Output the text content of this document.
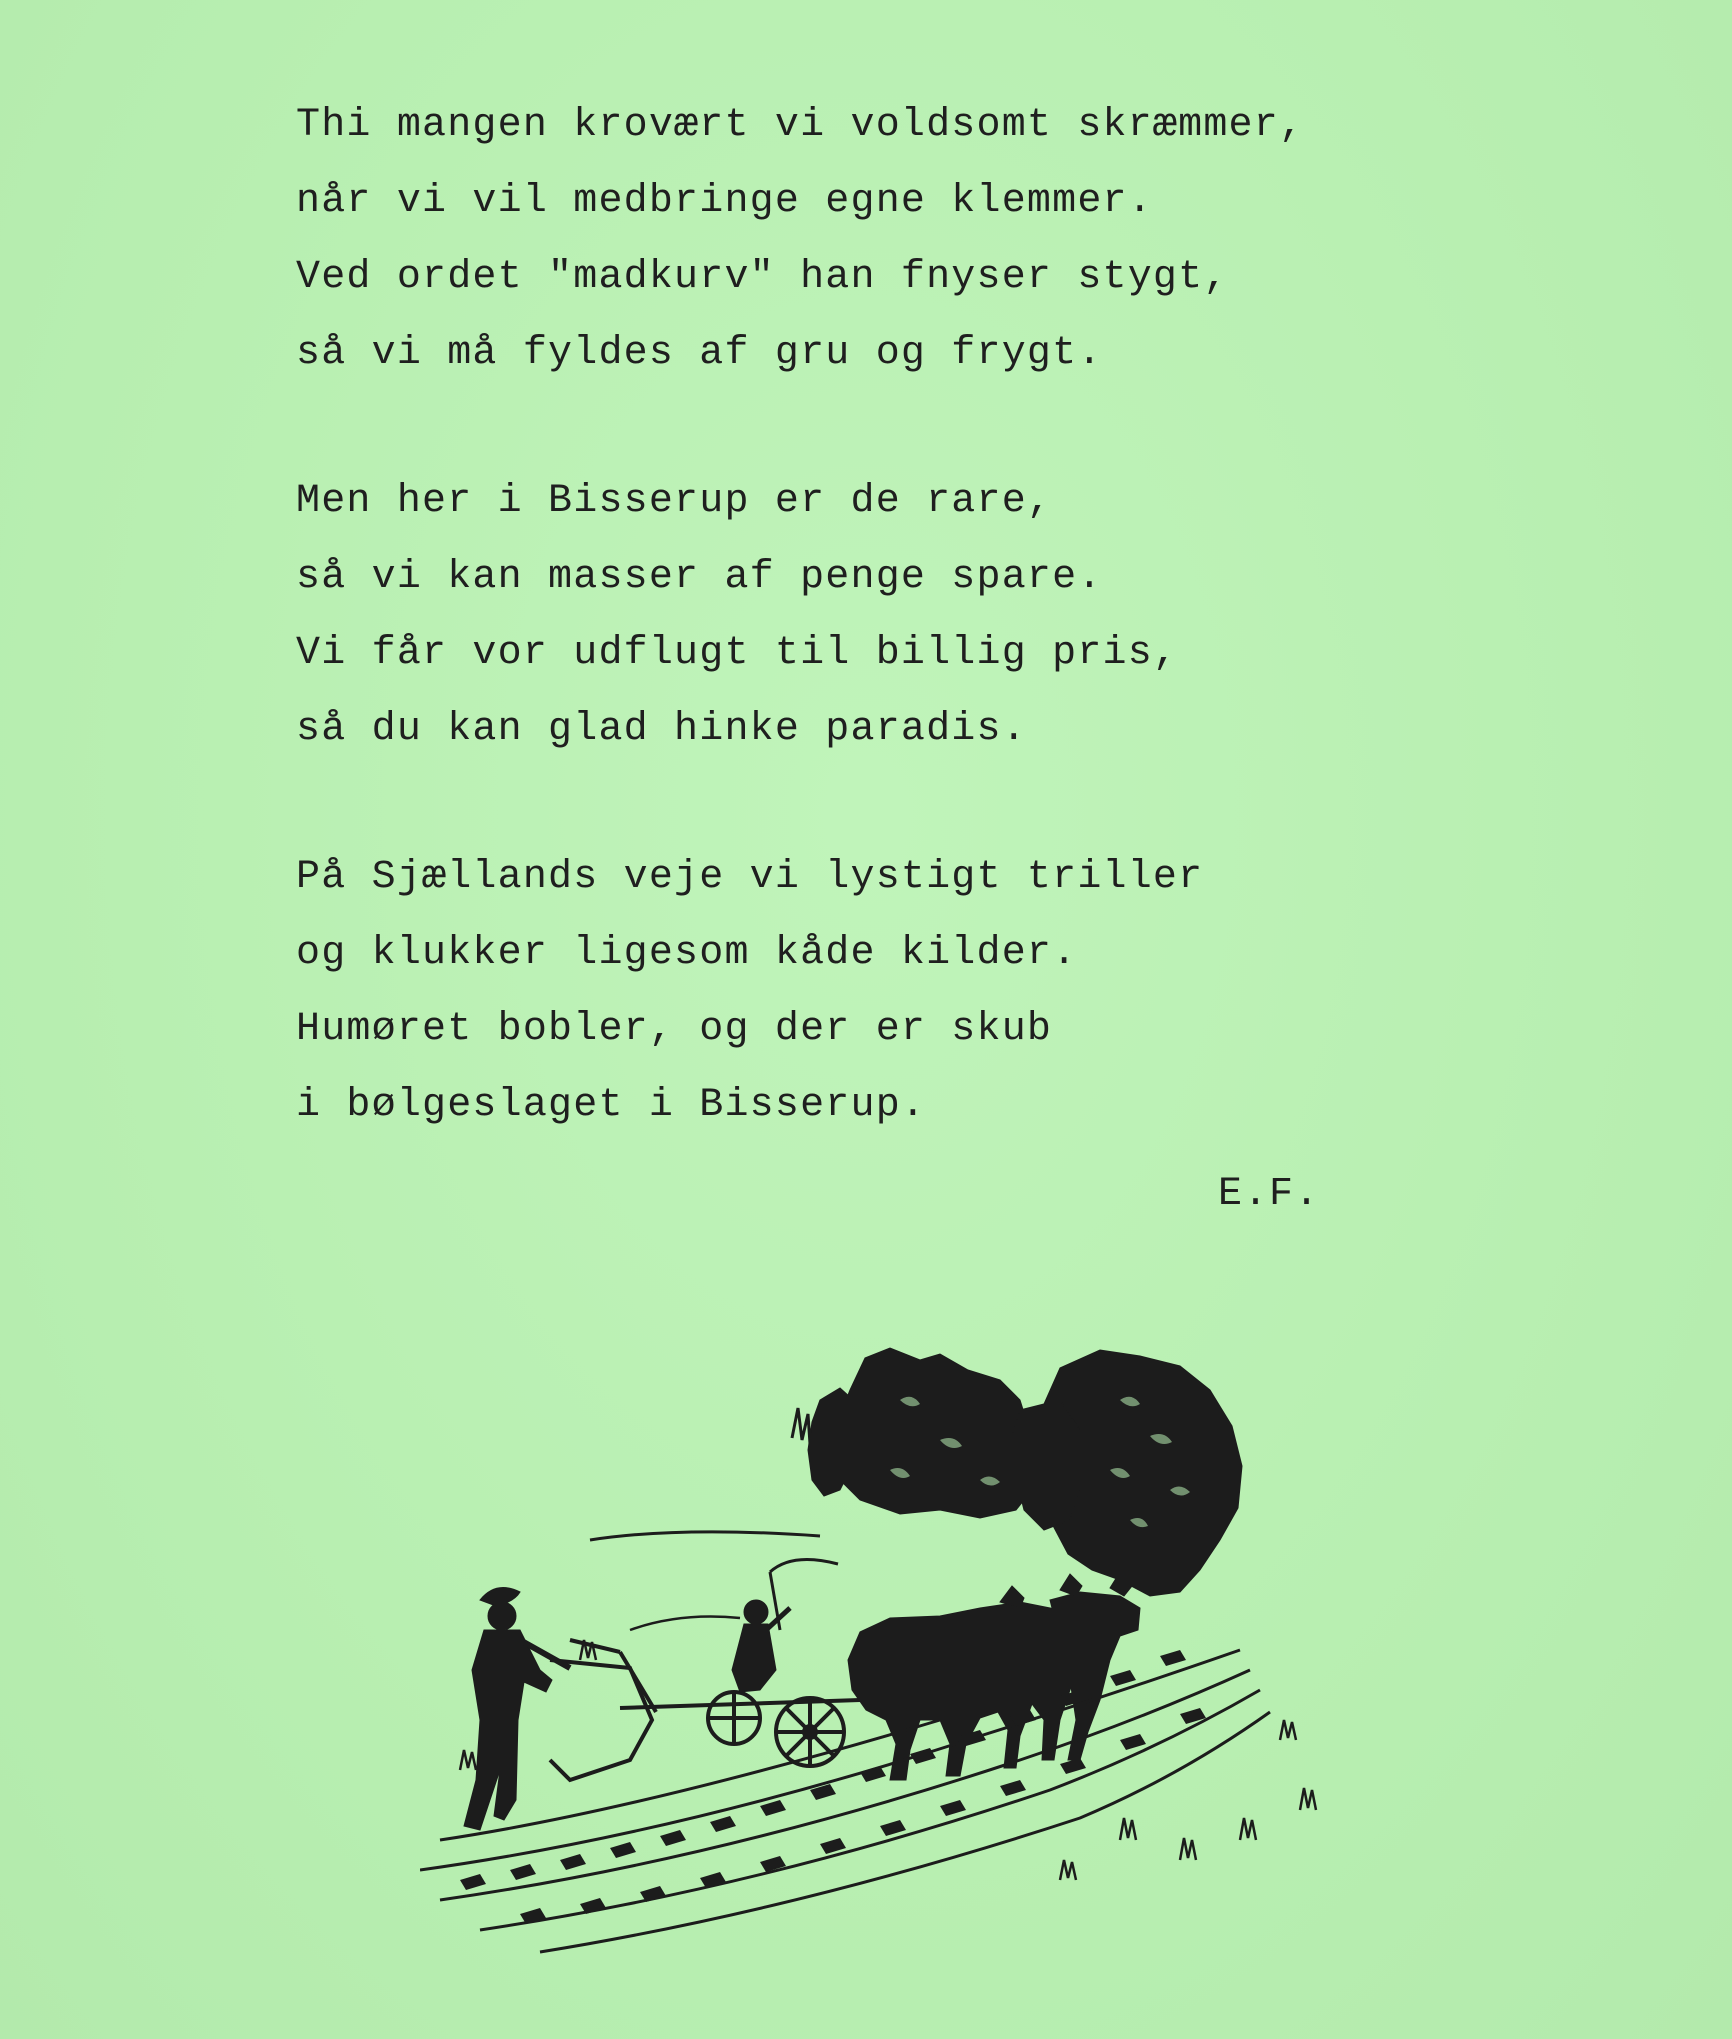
Thi mangen krovært vi voldsomt skræmmer,
når vi vil medbringe egne klemmer.
Ved ordet "madkurv" han fnyser stygt,
så vi må fyldes af gru og frygt.
Men her i Bisserup er de rare,
så vi kan masser af penge spare.
Vi får vor udflugt til billig pris,
så du kan glad hinke paradis.
På Sjællands veje vi lystigt triller
og klukker ligesom kåde kilder.
Humøret bobler, og der er skub
i bølgeslaget i Bisserup.
E.F.
